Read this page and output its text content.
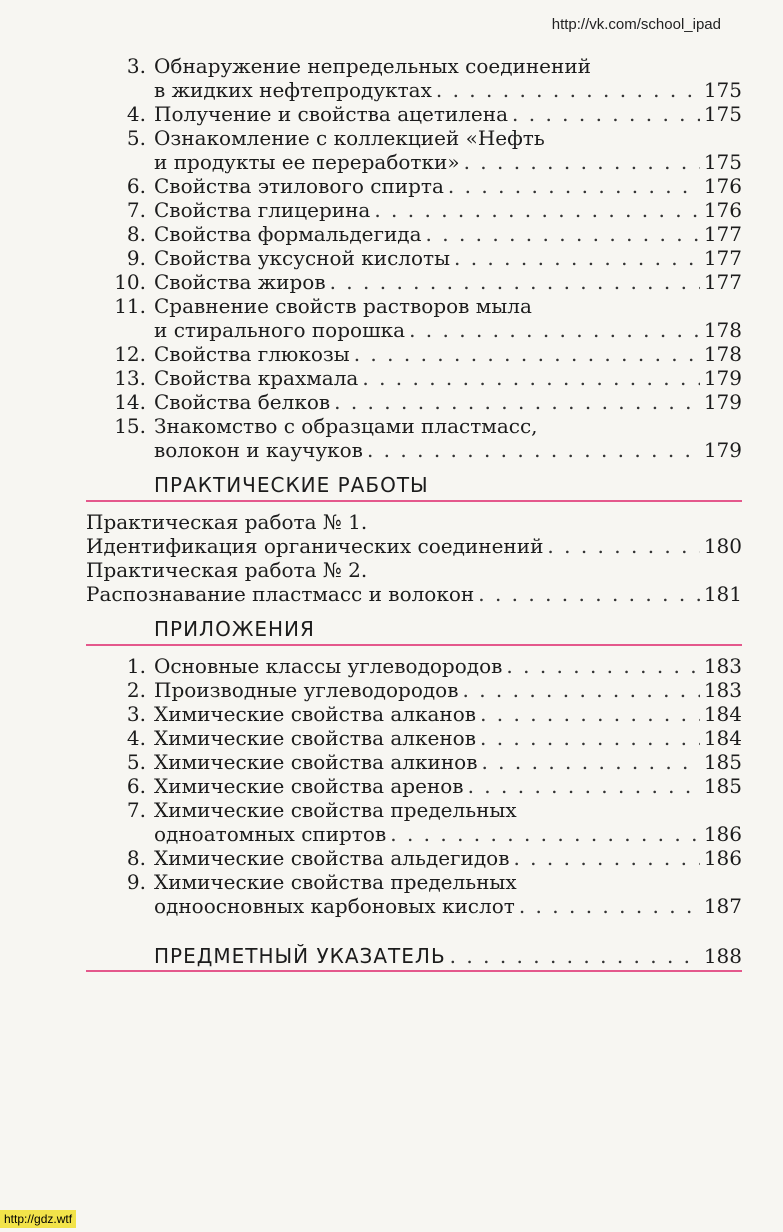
http://vk.com/school_ipad
3. Обнаружение непредельных соединений
в жидких нефтепродуктах . . .	175
4. Получение и свойства ацетилена . . .	175
5. Ознакомление с коллекцией «Нефть
и продукты ее переработки» . . .	175
6. Свойства этилового спирта . . .	176
7. Свойства глицерина . . .	176
8. Свойства формальдегида . . .	177
9. Свойства уксусной кислоты . . .	177
10. Свойства жиров . . .	177
11. Сравнение свойств растворов мыла
и стирального порошка . . .	178
12. Свойства глюкозы . . .	178
13. Свойства крахмала . . .	179
14. Свойства белков . . .	179
15. Знакомство с образцами пластмасс,
волокон и каучуков . . .	179
ПРАКТИЧЕСКИЕ РАБОТЫ
Практическая работа № 1.
Идентификация органических соединений . . .	180
Практическая работа № 2.
Распознавание пластмасс и волокон . . .	181
ПРИЛОЖЕНИЯ
1. Основные классы углеводородов . . .	183
2. Производные углеводородов . . .	183
3. Химические свойства алканов . . .	184
4. Химические свойства алкенов . . .	184
5. Химические свойства алкинов . . .	185
6. Химические свойства аренов . . .	185
7. Химические свойства предельных
одноатомных спиртов . . .	186
8. Химические свойства альдегидов . . .	186
9. Химические свойства предельных
одноосновных карбоновых кислот . . .	187
ПРЕДМЕТНЫЙ УКАЗАТЕЛЬ . . .	188
http://gdz.wtf
